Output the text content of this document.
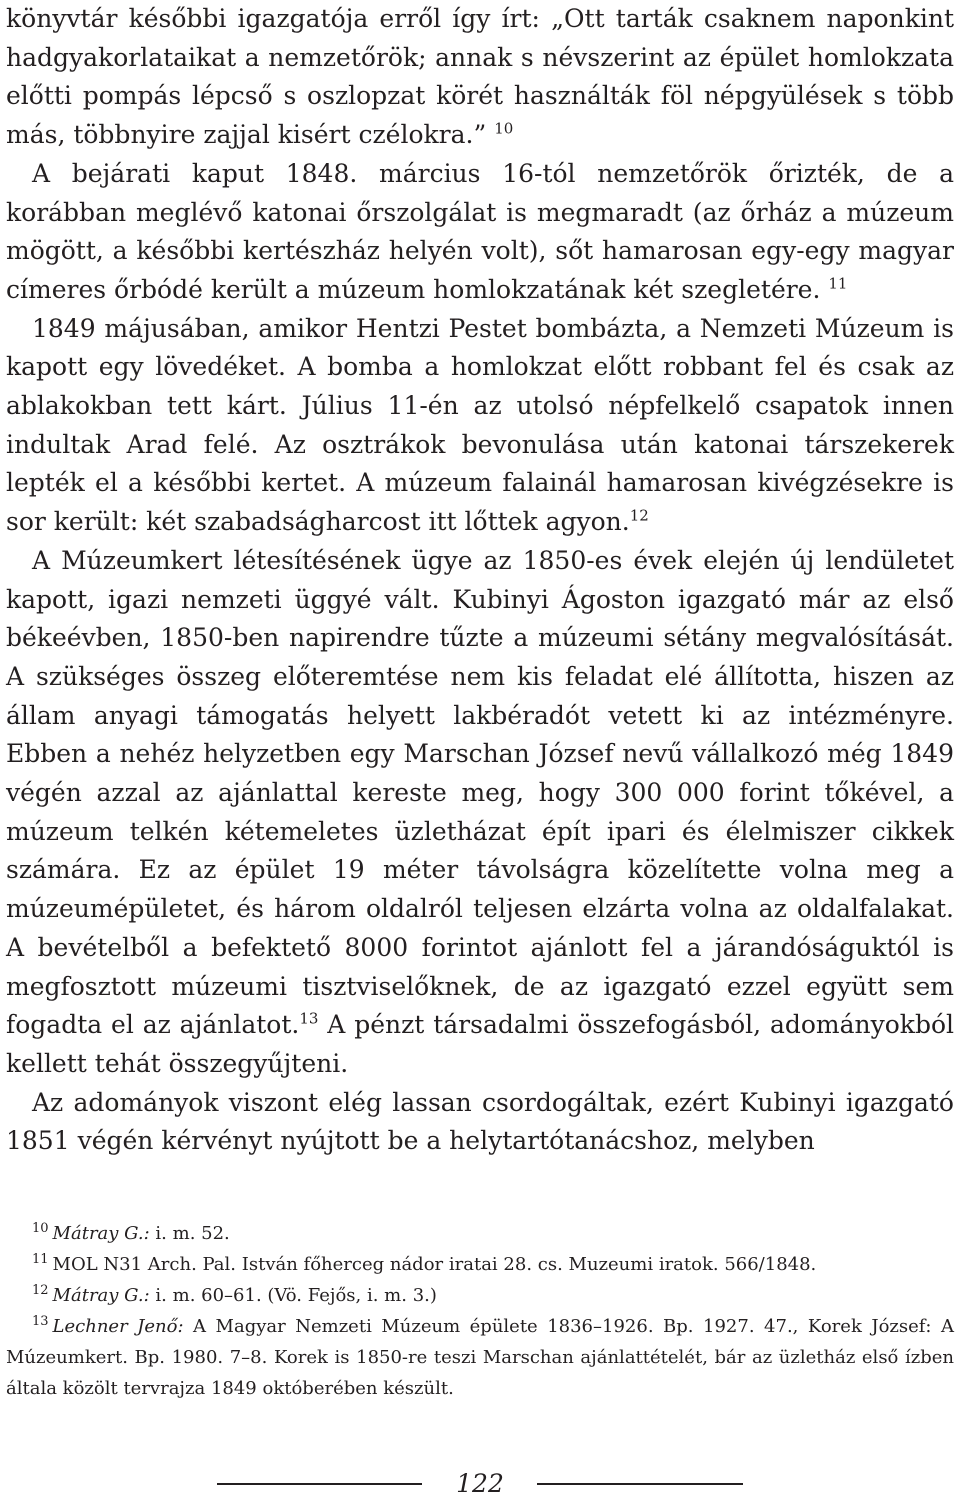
könyvtár későbbi igazgatója erről így írt: „Ott tarták csaknem naponkint hadgyakorlataikat a nemzetőrök; annak s névszerint az épület homlokzata előtti pompás lépcső s oszlopzat körét használták föl népgyülések s több más, többnyire zajjal kisért czélokra.” $^{10}$

A bejárati kaput 1848. március 16-tól nemzetőrök őrizték, de a korábban meglévő katonai őrszolgálat is megmaradt (az őrház a múzeum mögött, a későbbi kertészház helyén volt), sőt hamarosan egy-egy magyar címeres őrbódé került a múzeum homlokzatának két szegletére. $^{11}$

1849 májusában, amikor Hentzi Pestet bombázta, a Nemzeti Múzeum is kapott egy lövedéket. A bomba a homlokzat előtt robbant fel és csak az ablakokban tett kárt. Július 11-én az utolsó népfelkelő csapatok innen indultak Arad felé. Az osztrákok bevonulása után katonai társzekerek lepték el a későbbi kertet. A múzeum falainál hamarosan kivégzésekre is sor került: két szabadságharcost itt lőttek agyon.$^{12}$

A Múzeumkert létesítésének ügye az 1850-es évek elején új lendületet kapott, igazi nemzeti üggyé vált. Kubinyi Ágoston igazgató már az első békeévben, 1850-ben napirendre tűzte a múzeumi sétány megvalósítását. A szükséges összeg előteremtése nem kis feladat elé állította, hiszen az állam anyagi támogatás helyett lakbéradót vetett ki az intézményre. Ebben a nehéz helyzetben egy Marschan József nevű vállalkozó még 1849 végén azzal az ajánlattal kereste meg, hogy 300 000 forint tőkével, a múzeum telkén kétemeletes üzletházat épít ipari és élelmiszer cikkek számára. Ez az épület 19 méter távolságra közelítette volna meg a múzeumépületet, és három oldalról teljesen elzárta volna az oldalfalakat. A bevételből a befektető 8000 forintot ajánlott fel a járandóságuktól is megfosztott múzeumi tisztviselőknek, de az igazgató ezzel együtt sem fogadta el az ajánlatot.$^{13}$ A pénzt társadalmi összefogásból, adományokból kellett tehát összegyűjteni.

Az adományok viszont elég lassan csordogáltak, ezért Kubinyi igazgató 1851 végén kérvényt nyújtott be a helytartótanácshoz, melyben

$^{10}$ Mátray G.: i. m. 52.

$^{11}$ MOL N31 Arch. Pal. István főherceg nádor iratai 28. cs. Muzeumi iratok. 566/1848.

$^{12}$ Mátray G.: i. m. 60–61. (Vö. Fejős, i. m. 3.)

$^{13}$ Lechner Jenő: A Magyar Nemzeti Múzeum épülete 1836–1926. Bp. 1927. 47., Korek József: A Múzeumkert. Bp. 1980. 7–8. Korek is 1850-re teszi Marschan ajánlattételét, bár az üzletház első ízben általa közölt tervrajza 1849 októberében készült.

122
